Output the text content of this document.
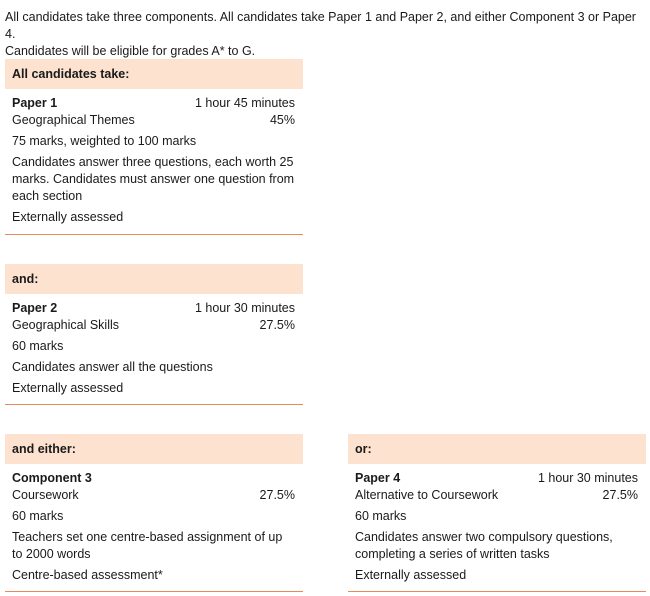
All candidates take three components. All candidates take Paper 1 and Paper 2, and either Component 3 or Paper 4.

Candidates will be eligible for grades A* to G.

All candidates take:
Paper 1	1 hour 45 minutes
Geographical Themes	45%

75 marks, weighted to 100 marks

Candidates answer three questions, each worth 25 marks. Candidates must answer one question from each section

Externally assessed

and:
Paper 2	1 hour 30 minutes
Geographical Skills	27.5%

60 marks

Candidates answer all the questions

Externally assessed

and either:
Component 3
Coursework	27.5%

60 marks

Teachers set one centre-based assignment of up to 2000 words

Centre-based assessment*

or:
Paper 4	1 hour 30 minutes
Alternative to Coursework	27.5%

60 marks

Candidates answer two compulsory questions, completing a series of written tasks

Externally assessed
